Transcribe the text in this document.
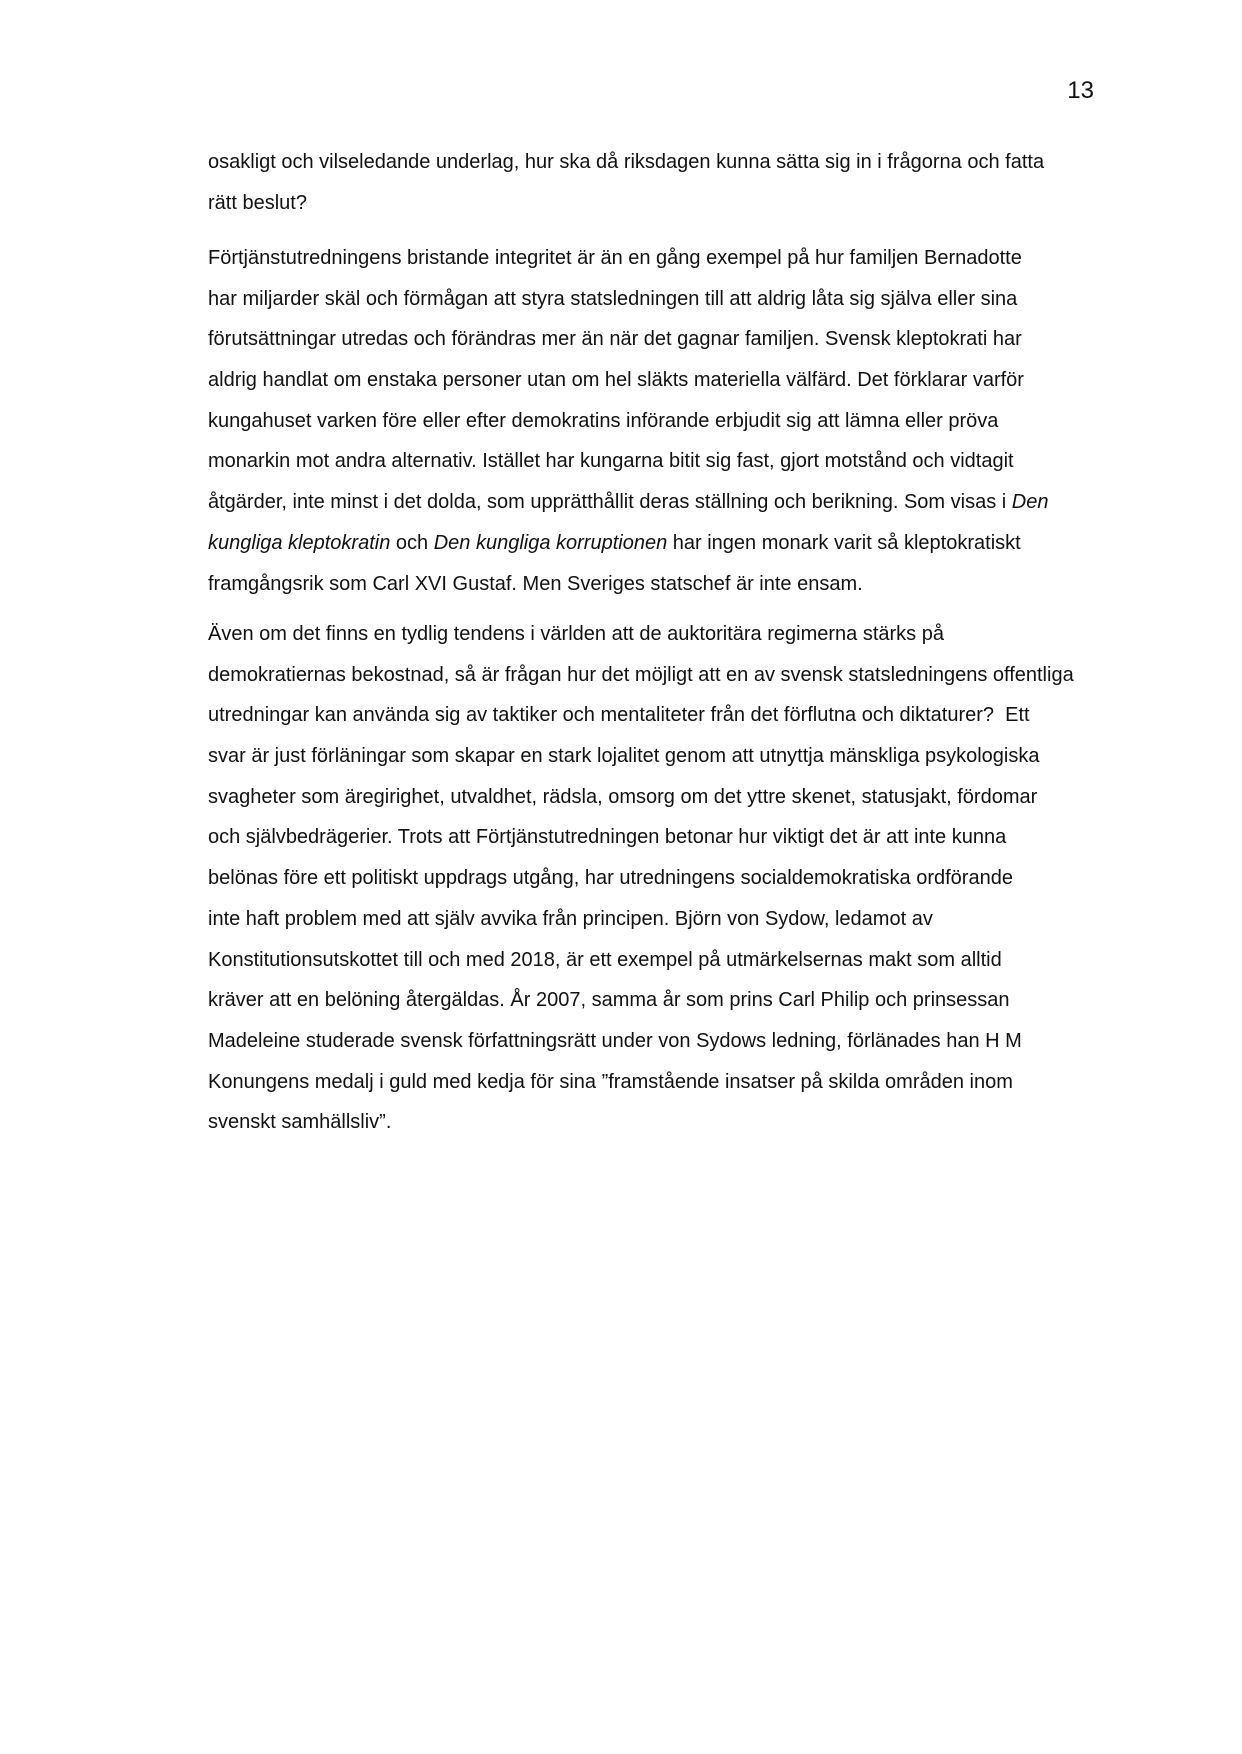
13
osakligt och vilseledande underlag, hur ska då riksdagen kunna sätta sig in i frågorna och fatta
rätt beslut?
Förtjänstutredningens bristande integritet är än en gång exempel på hur familjen Bernadotte
har miljarder skäl och förmågan att styra statsledningen till att aldrig låta sig själva eller sina
förutsättningar utredas och förändras mer än när det gagnar familjen. Svensk kleptokrati har
aldrig handlat om enstaka personer utan om hel släkts materiella välfärd. Det förklarar varför
kungahuset varken före eller efter demokratins införande erbjudit sig att lämna eller pröva
monarkin mot andra alternativ. Istället har kungarna bitit sig fast, gjort motstånd och vidtagit
åtgärder, inte minst i det dolda, som upprätthållit deras ställning och berikning. Som visas i Den
kungliga kleptokratin och Den kungliga korruptionen har ingen monark varit så kleptokratiskt
framgångsrik som Carl XVI Gustaf. Men Sveriges statschef är inte ensam.
Även om det finns en tydlig tendens i världen att de auktoritära regimerna stärks på
demokratiernas bekostnad, så är frågan hur det möjligt att en av svensk statsledningens offentliga
utredningar kan använda sig av taktiker och mentaliteter från det förflutna och diktaturer?  Ett
svar är just förläningar som skapar en stark lojalitet genom att utnyttja mänskliga psykologiska
svagheter som äregirighet, utvaldhet, rädsla, omsorg om det yttre skenet, statusjakt, fördomar
och självbedrägerier. Trots att Förtjänstutredningen betonar hur viktigt det är att inte kunna
belönas före ett politiskt uppdrags utgång, har utredningens socialdemokratiska ordförande
inte haft problem med att själv avvika från principen. Björn von Sydow, ledamot av
Konstitutionsutskottet till och med 2018, är ett exempel på utmärkelsernas makt som alltid
kräver att en belöning återgäldas. År 2007, samma år som prins Carl Philip och prinsessan
Madeleine studerade svensk författningsrätt under von Sydows ledning, förlänades han H M
Konungens medalj i guld med kedja för sina ”framstående insatser på skilda områden inom
svenskt samhällsliv”.
